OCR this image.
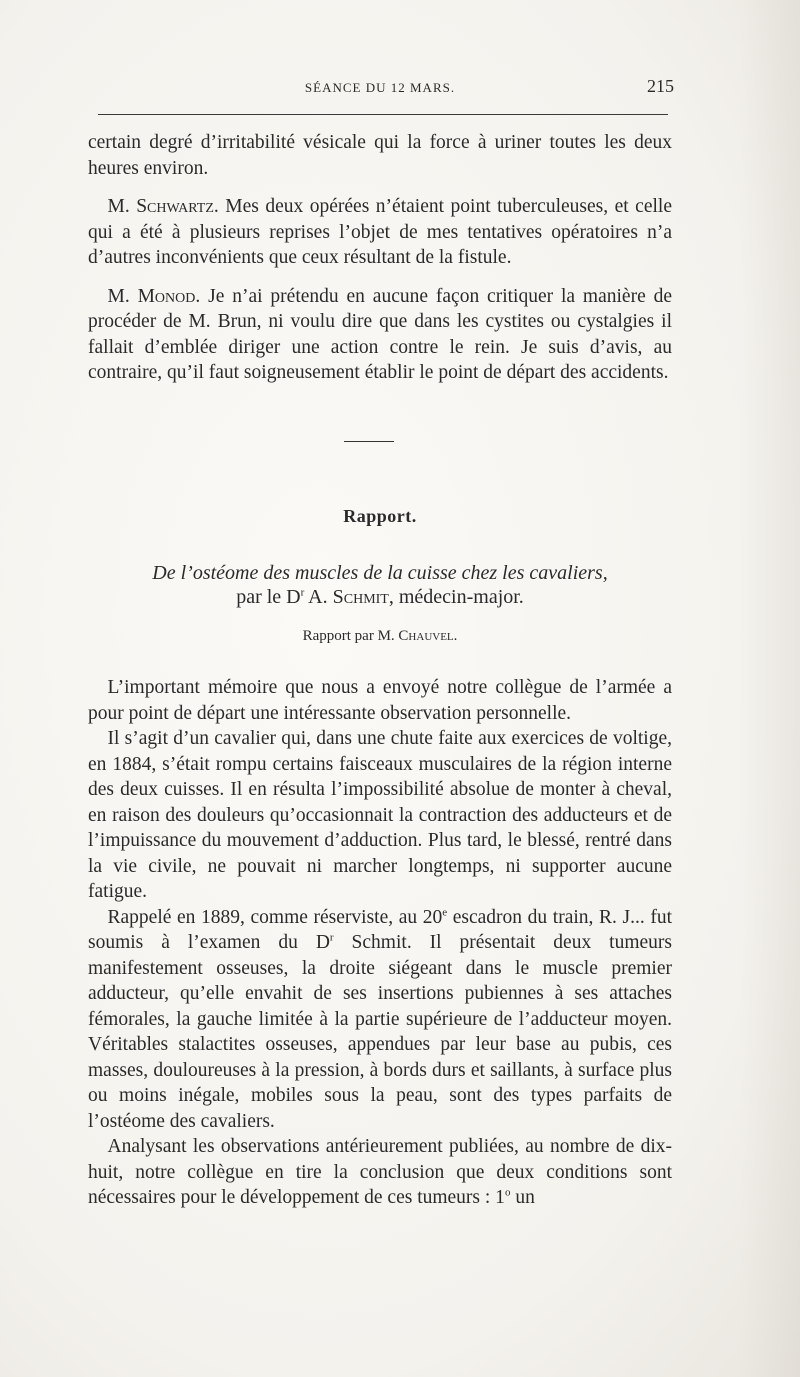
SÉANCE DU 12 MARS.	215

certain degré d’irritabilité vésicale qui la force à uriner toutes les deux heures environ.

 M. Schwartz. Mes deux opérées n’étaient point tuberculeuses, et celle qui a été à plusieurs reprises l’objet de mes tentatives opératoires n’a d’autres inconvénients que ceux résultant de la fistule.

 M. Monod. Je n’ai prétendu en aucune façon critiquer la manière de procéder de M. Brun, ni voulu dire que dans les cystites ou cystalgies il fallait d’emblée diriger une action contre le rein. Je suis d’avis, au contraire, qu’il faut soigneusement établir le point de départ des accidents.

Rapport.
De l’ostéome des muscles de la cuisse chez les cavaliers,
par le $D^r$ A. Schmit, médecin-major.
Rapport par M. Chauvel.

 L’important mémoire que nous a envoyé notre collègue de l’armée a pour point de départ une intéressante observation personnelle.

 Il s’agit d’un cavalier qui, dans une chute faite aux exercices de voltige, en 1884, s’était rompu certains faisceaux musculaires de la région interne des deux cuisses. Il en résulta l’impossibilité absolue de monter à cheval, en raison des douleurs qu’occasionnait la contraction des adducteurs et de l’impuissance du mouvement d’adduction. Plus tard, le blessé, rentré dans la vie civile, ne pouvait ni marcher longtemps, ni supporter aucune fatigue.

 Rappelé en 1889, comme réserviste, au 20e escadron du train, R. J... fut soumis à l’examen du $D^r$ Schmit. Il présentait deux tumeurs manifestement osseuses, la droite siégeant dans le muscle premier adducteur, qu’elle envahit de ses insertions pubiennes à ses attaches fémorales, la gauche limitée à la partie supérieure de l’adducteur moyen. Véritables stalactites osseuses, appendues par leur base au pubis, ces masses, douloureuses à la pression, à bords durs et saillants, à surface plus ou moins inégale, mobiles sous la peau, sont des types parfaits de l’ostéome des cavaliers.

 Analysant les observations antérieurement publiées, au nombre de dix-huit, notre collègue en tire la conclusion que deux conditions sont nécessaires pour le développement de ces tumeurs : 1$^o$ un
